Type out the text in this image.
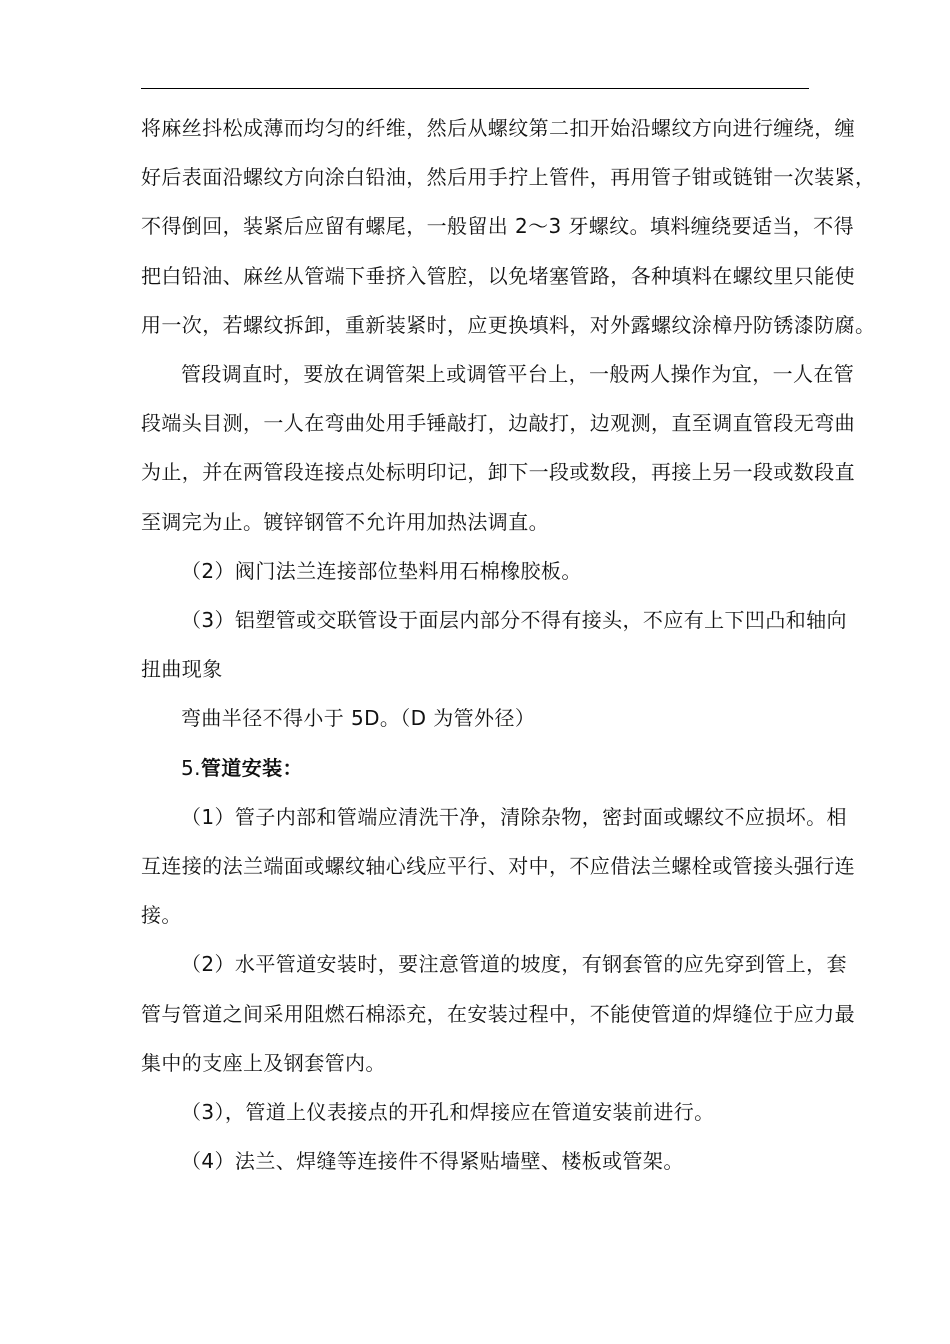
将麻丝抖松成薄而均匀的纤维，然后从螺纹第二扣开始沿螺纹方向进行缠绕，缠 好后表面沿螺纹方向涂白铅油，然后用手拧上管件，再用管子钳或链钳一次装紧， 不得倒回，装紧后应留有螺尾，一般留出 2～3 牙螺纹。填料缠绕要适当，不得 把白铅油、麻丝从管端下垂挤入管腔，以免堵塞管路，各种填料在螺纹里只能使 用一次，若螺纹拆卸，重新装紧时，应更换填料，对外露螺纹涂樟丹防锈漆防腐。

管段调直时，要放在调管架上或调管平台上，一般两人操作为宜，一人在管 段端头目测，一人在弯曲处用手锤敲打，边敲打，边观测，直至调直管段无弯曲 为止，并在两管段连接点处标明印记，卸下一段或数段，再接上另一段或数段直 至调完为止。镀锌钢管不允许用加热法调直。

（2）阀门法兰连接部位垫料用石棉橡胶板。

（3）铝塑管或交联管设于面层内部分不得有接头，不应有上下凹凸和轴向 扭曲现象

弯曲半径不得小于 5D。（D 为管外径）

5.管道安装：

（1）管子内部和管端应清洗干净，清除杂物，密封面或螺纹不应损坏。相 互连接的法兰端面或螺纹轴心线应平行、对中，不应借法兰螺栓或管接头强行连 接。

（2）水平管道安装时，要注意管道的坡度，有钢套管的应先穿到管上，套 管与管道之间采用阻燃石棉添充，在安装过程中，不能使管道的焊缝位于应力最 集中的支座上及钢套管内。

（3），管道上仪表接点的开孔和焊接应在管道安装前进行。

（4）法兰、焊缝等连接件不得紧贴墙壁、楼板或管架。
